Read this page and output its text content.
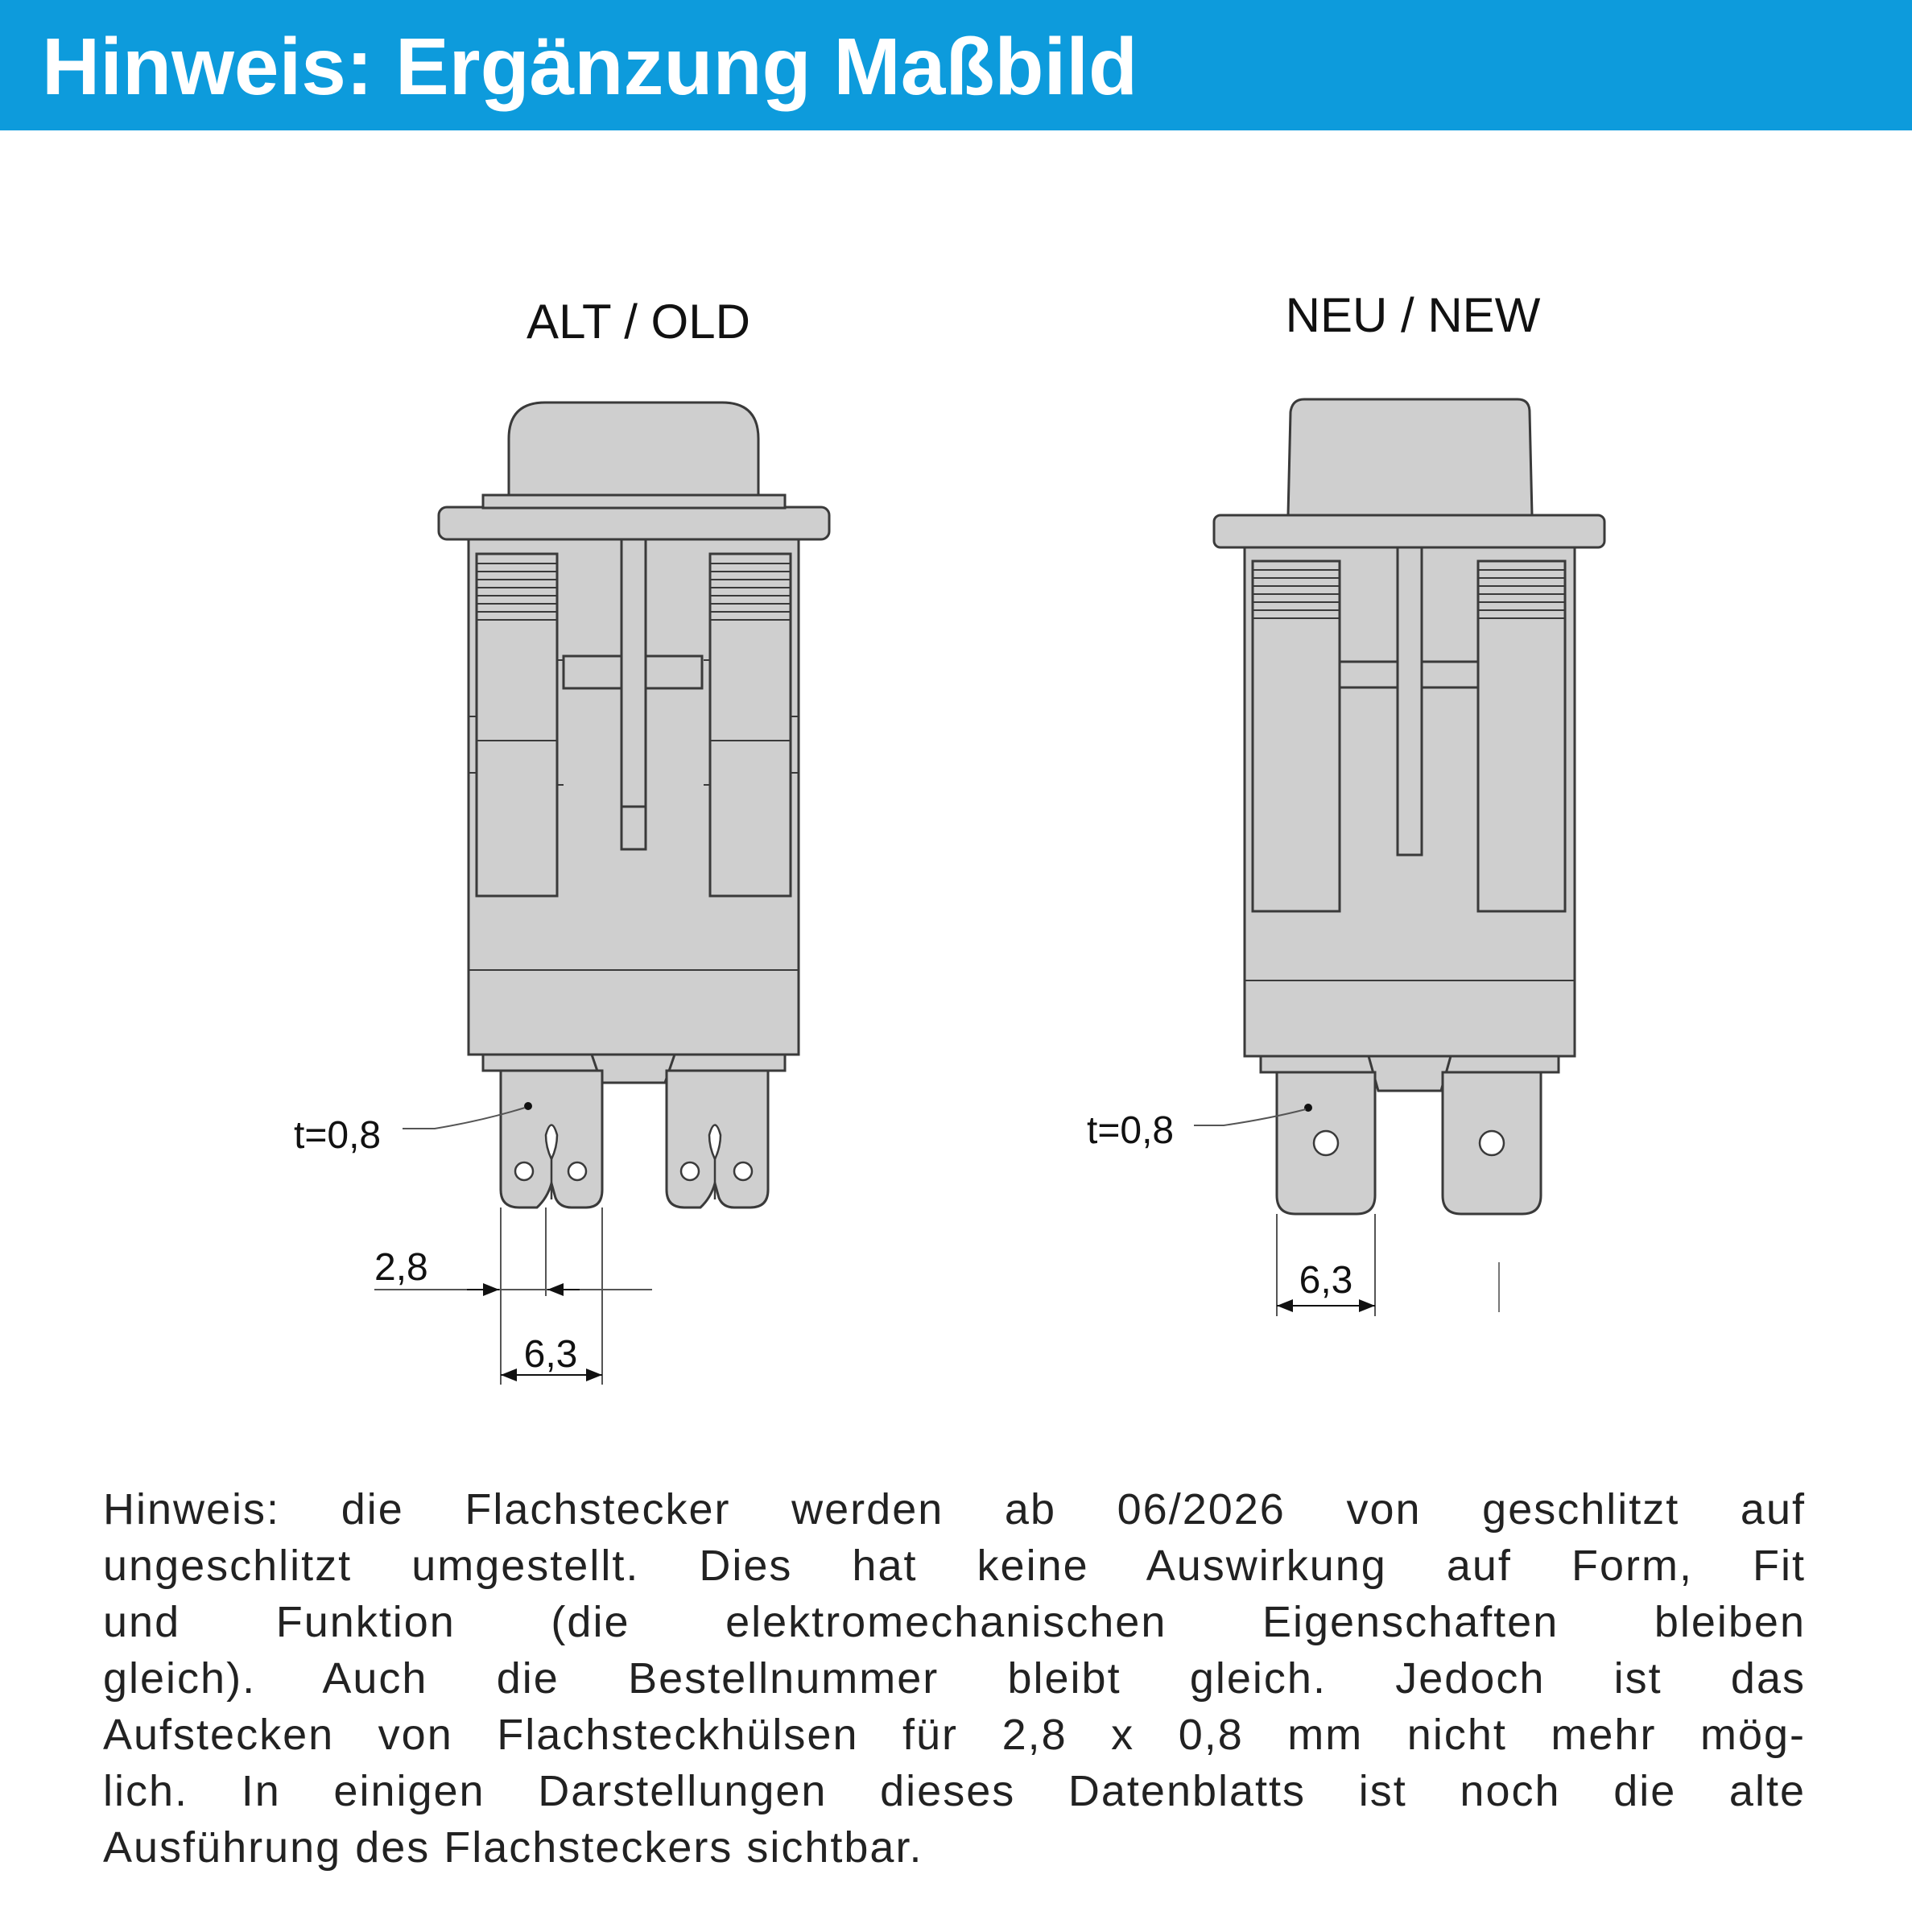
Hinweis: Ergänzung Maßbild
ALT / OLD	NEU / NEW
t=0,8	t=0,8
2,8
6,3
6,3
Hinweis: die Flachstecker werden ab 06/2026 von geschlitzt auf
ungeschlitzt umgestellt. Dies hat keine Auswirkung auf Form, Fit
und Funktion (die elektromechanischen Eigenschaften bleiben
gleich). Auch die Bestellnummer bleibt gleich. Jedoch ist das
Aufstecken von Flachsteckhülsen für 2,8 x 0,8 mm nicht mehr mög-
lich. In einigen Darstellungen dieses Datenblatts ist noch die alte
Ausführung des Flachsteckers sichtbar.
